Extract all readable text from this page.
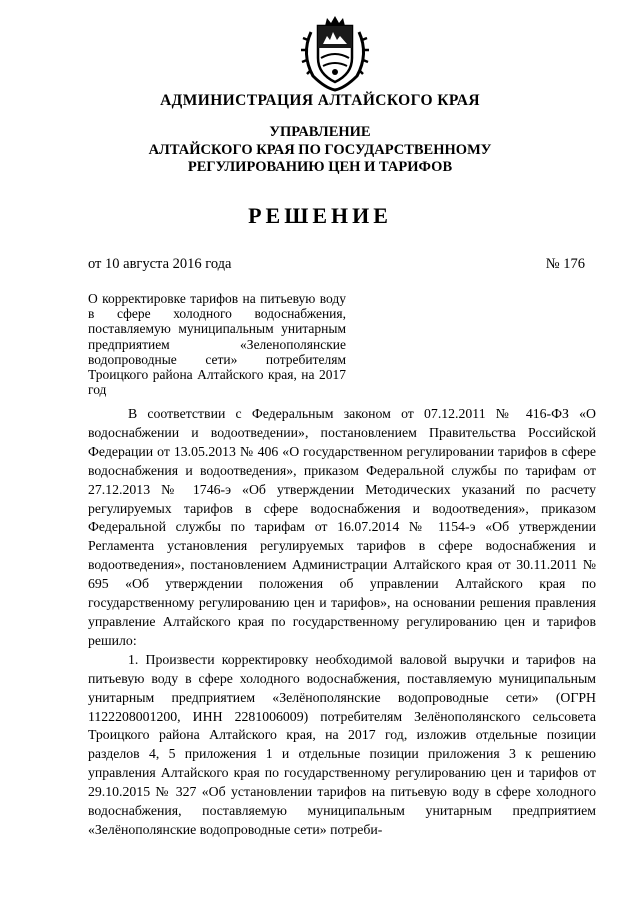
АДМИНИСТРАЦИЯ АЛТАЙСКОГО КРАЯ
УПРАВЛЕНИЕ
АЛТАЙСКОГО КРАЯ ПО ГОСУДАРСТВЕННОМУ
РЕГУЛИРОВАНИЮ ЦЕН И ТАРИФОВ
РЕШЕНИЕ
от 10 августа 2016 года	№ 176
О корректировке тарифов на питьевую воду в сфере холодного водоснабжения, поставляемую муниципальным унитарным предприятием «Зеленополянские водопроводные сети» потребителям Троицкого района Алтайского края, на 2017 год

В соответствии с Федеральным законом от 07.12.2011 № 416-ФЗ «О водоснабжении и водоотведении», постановлением Правительства Российской Федерации от 13.05.2013 № 406 «О государственном регулировании тарифов в сфере водоснабжения и водоотведения», приказом Федеральной службы по тарифам от 27.12.2013 № 1746-э «Об утверждении Методических указаний по расчету регулируемых тарифов в сфере водоснабжения и водоотведения», приказом Федеральной службы по тарифам от 16.07.2014 № 1154-э «Об утверждении Регламента установления регулируемых тарифов в сфере водоснабжения и водоотведения», постановлением Администрации Алтайского края от 30.11.2011 № 695 «Об утверждении положения об управлении Алтайского края по государственному регулированию цен и тарифов», на основании решения правления управление Алтайского края по государственному регулированию цен и тарифов решило:

1. Произвести корректировку необходимой валовой выручки и тарифов на питьевую воду в сфере холодного водоснабжения, поставляемую муниципальным унитарным предприятием «Зелёнополянские водопроводные сети» (ОГРН 1122208001200, ИНН 2281006009) потребителям Зелёнополянского сельсовета Троицкого района Алтайского края, на 2017 год, изложив отдельные позиции разделов 4, 5 приложения 1 и отдельные позиции приложения 3 к решению управления Алтайского края по государственному регулированию цен и тарифов от 29.10.2015 № 327 «Об установлении тарифов на питьевую воду в сфере холодного водоснабжения, поставляемую муниципальным унитарным предприятием «Зелёнополянские водопроводные сети» потреби-
